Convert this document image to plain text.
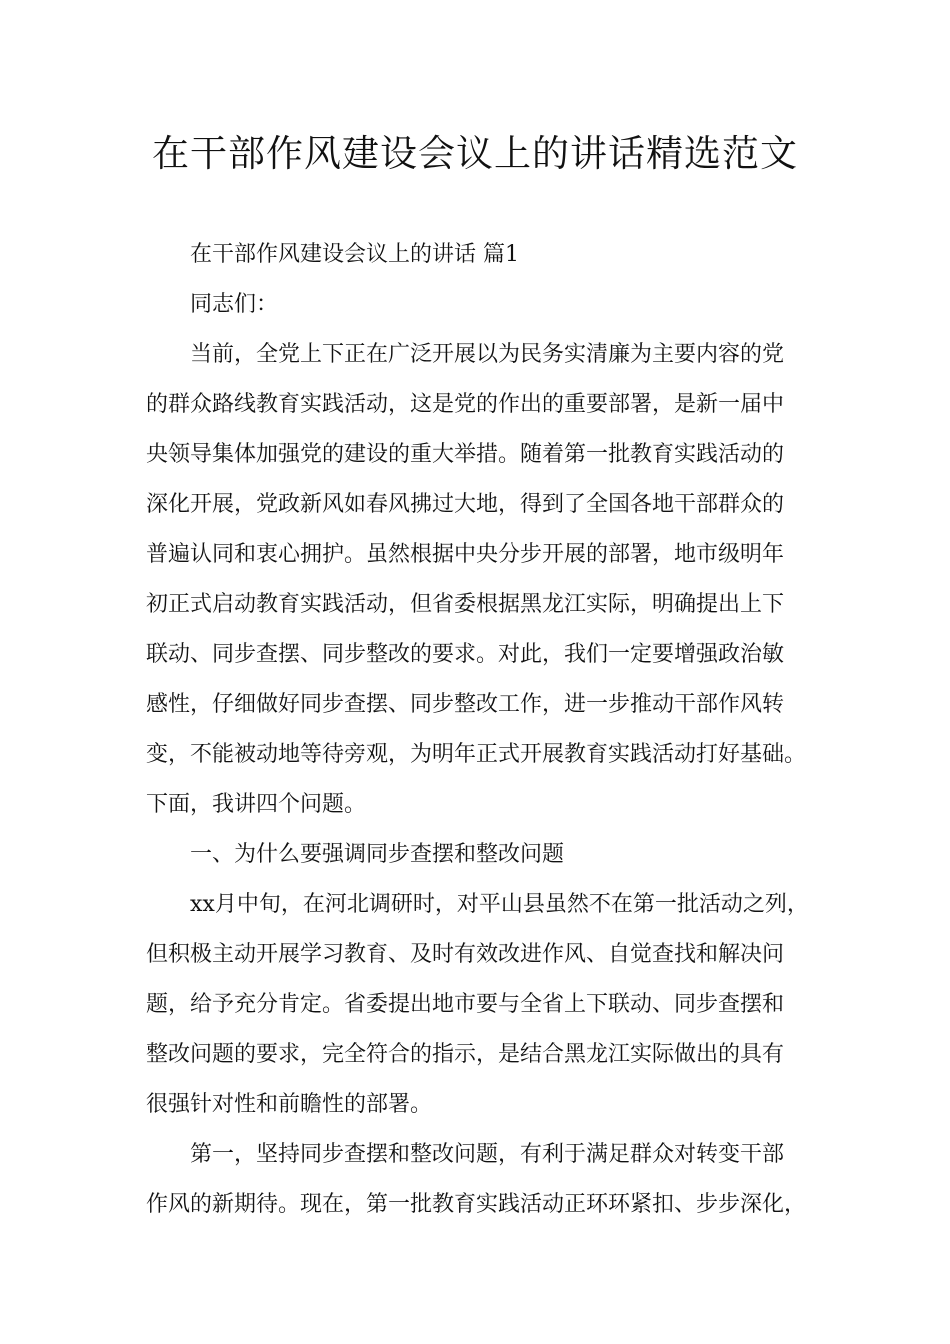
在干部作风建设会议上的讲话精选范文

在干部作风建设会议上的讲话 篇1

同志们：

当前，全党上下正在广泛开展以为民务实清廉为主要内容的党
的群众路线教育实践活动，这是党的作出的重要部署，是新一届中
央领导集体加强党的建设的重大举措。随着第一批教育实践活动的
深化开展，党政新风如春风拂过大地，得到了全国各地干部群众的
普遍认同和衷心拥护。虽然根据中央分步开展的部署，地市级明年
初正式启动教育实践活动，但省委根据黑龙江实际，明确提出上下
联动、同步查摆、同步整改的要求。对此，我们一定要增强政治敏
感性，仔细做好同步查摆、同步整改工作，进一步推动干部作风转
变，不能被动地等待旁观，为明年正式开展教育实践活动打好基础。
下面，我讲四个问题。

一、为什么要强调同步查摆和整改问题

xx月中旬，在河北调研时，对平山县虽然不在第一批活动之列，
但积极主动开展学习教育、及时有效改进作风、自觉查找和解决问
题，给予充分肯定。省委提出地市要与全省上下联动、同步查摆和
整改问题的要求，完全符合的指示，是结合黑龙江实际做出的具有
很强针对性和前瞻性的部署。

第一，坚持同步查摆和整改问题，有利于满足群众对转变干部
作风的新期待。现在，第一批教育实践活动正环环紧扣、步步深化，
